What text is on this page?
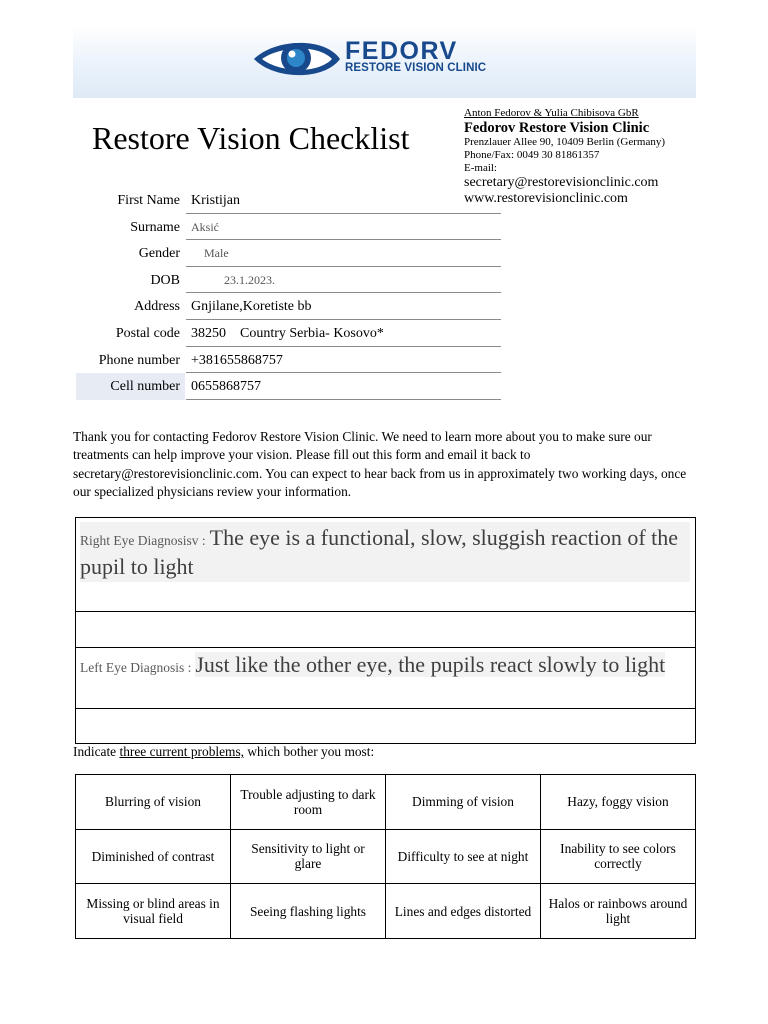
FEDORV
RESTORE VISION CLINIC
Restore Vision Checklist
Anton Fedorov & Yulia Chibisova GbR
Fedorov Restore Vision Clinic
Prenzlauer Allee 90, 10409 Berlin (Germany)
Phone/Fax: 0049 30 81861357
E-mail:
secretary@restorevisionclinic.com
www.restorevisionclinic.com
First Name Kristijan
Surname Aksić
Gender	Male
DOB	23.1.2023.
Address Gnjilane,Koretiste bb
Postal code 38250    Country Serbia- Kosovo*
Phone number +381655868757
Cell number 0655868757
Thank you for contacting Fedorov Restore Vision Clinic. We need to learn more about you to make sure our treatments can help improve your vision. Please fill out this form and email it back to secretary@restorevisionclinic.com. You can expect to hear back from us in approximately two working days, once our specialized physicians review your information.
Right Eye Diagnosisv : The eye is a functional, slow, sluggish reaction of the pupil to light
Left Eye Diagnosis : Just like the other eye, the pupils react slowly to light
Indicate three current problems, which bother you most:
Blurring of vision	Trouble adjusting to dark room	Dimming of vision	Hazy, foggy vision
Diminished of contrast	Sensitivity to light or glare	Difficulty to see at night	Inability to see colors correctly
Missing or blind areas in visual field	Seeing flashing lights	Lines and edges distorted	Halos or rainbows around light
